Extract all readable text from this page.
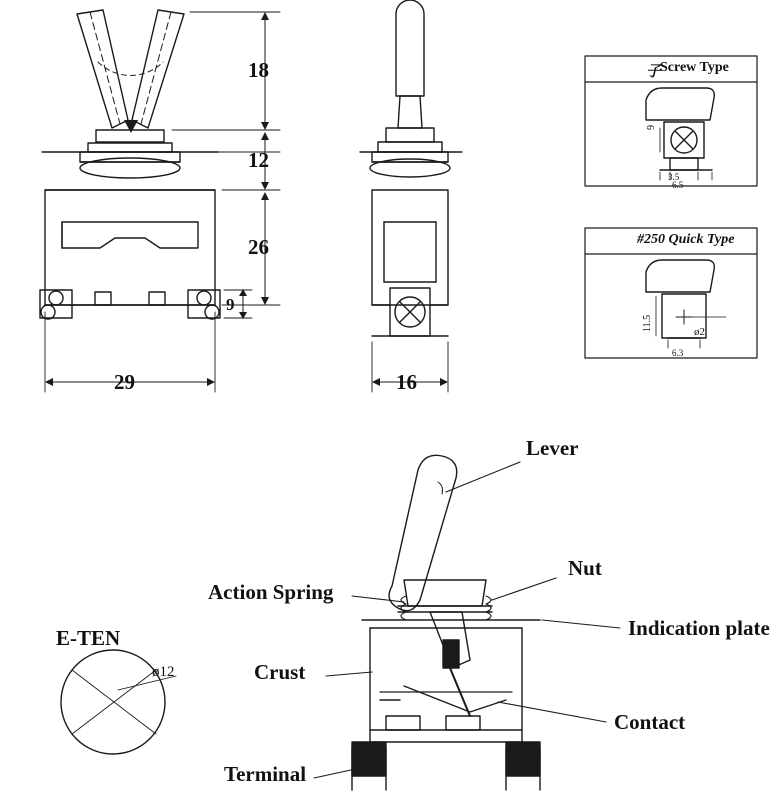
18
12
26
9
29	16
子
Screw Type
9
3.5
6.5
#250 Quick Type
11.5	ø2
6.3
E-TEN
ø12
Lever
Nut
Indication plate
Action Spring
Crust
Contact
Terminal
